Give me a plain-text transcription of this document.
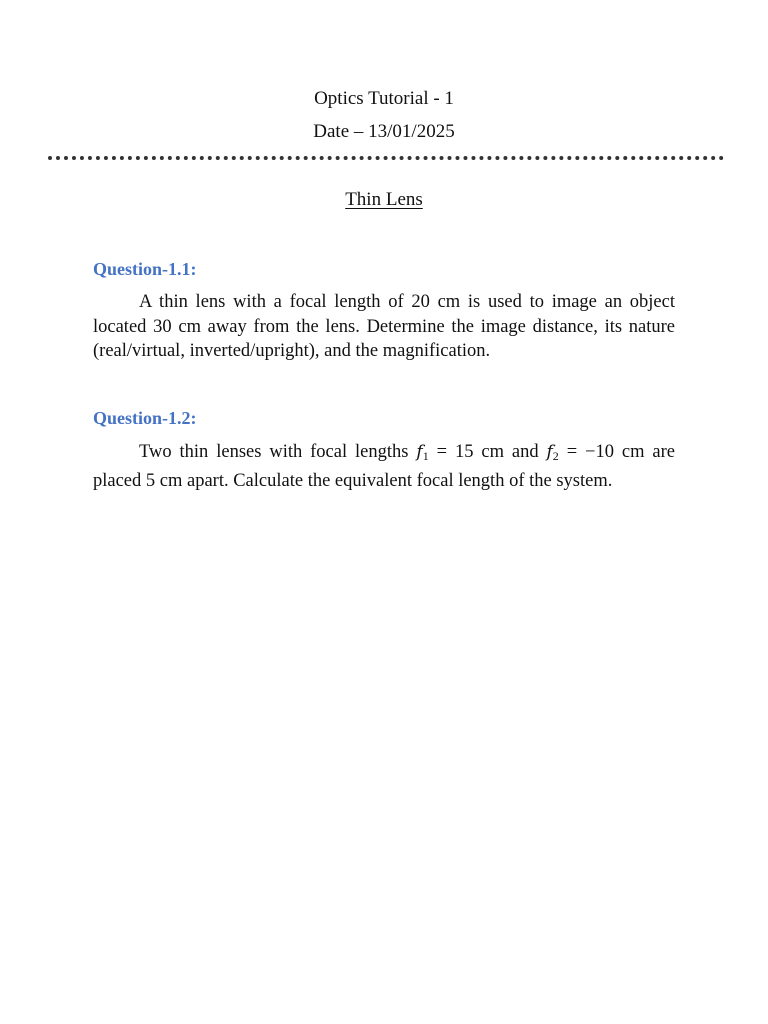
Optics Tutorial - 1
Date – 13/01/2025
Thin Lens
Question-1.1:
A thin lens with a focal length of 20 cm is used to image an object located 30 cm away from the lens. Determine the image distance, its nature (real/virtual, inverted/upright), and the magnification.
Question-1.2:
Two thin lenses with focal lengths $f_1 = 15$ cm and $f_2 = -10$ cm are placed 5 cm apart. Calculate the equivalent focal length of the system.
